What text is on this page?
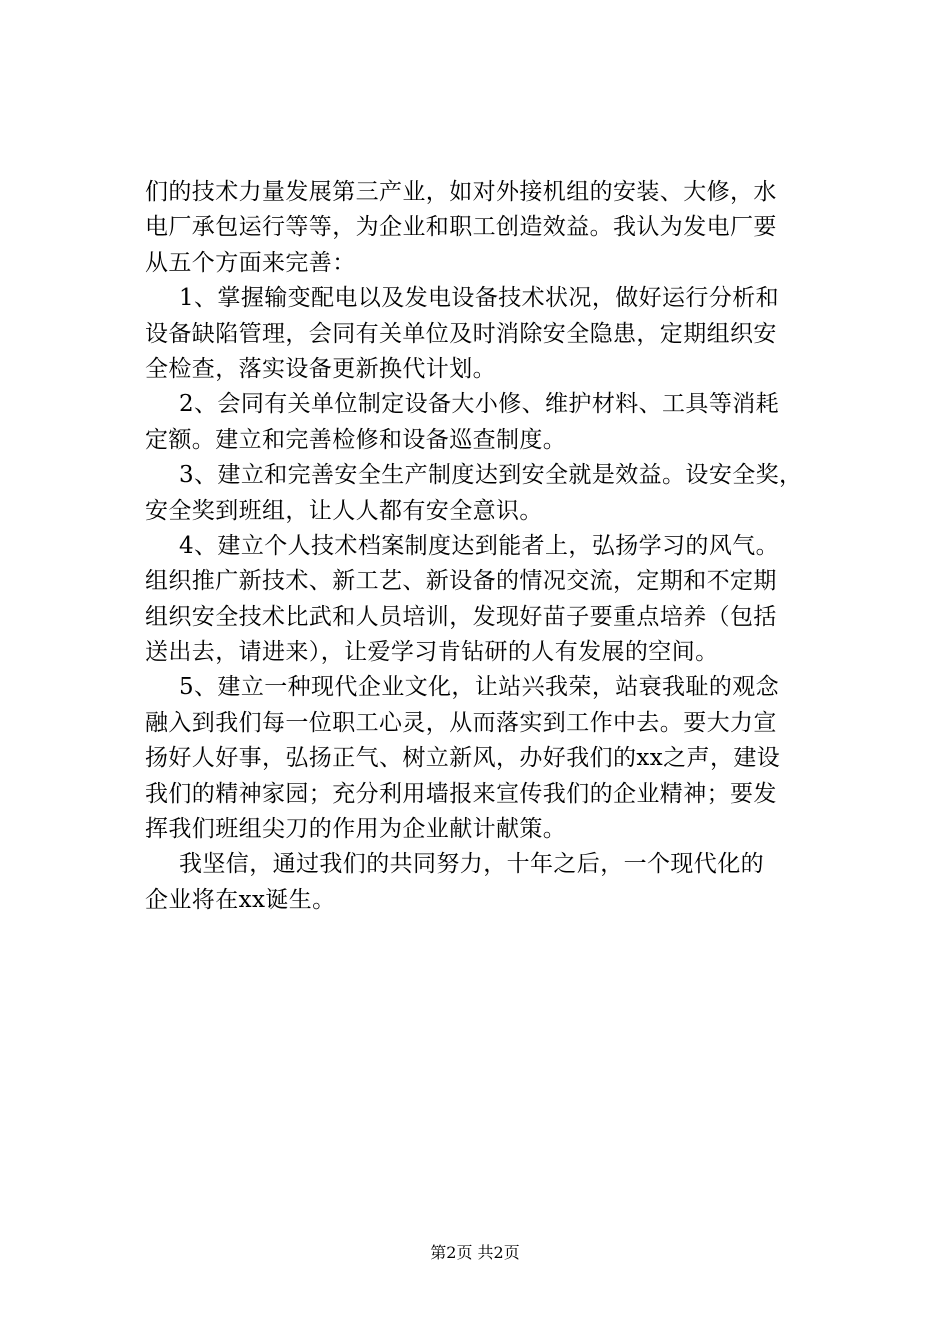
们的技术力量发展第三产业，如对外接机组的安装、大修，水
电厂承包运行等等，为企业和职工创造效益。我认为发电厂要
从五个方面来完善：
1、掌握输变配电以及发电设备技术状况，做好运行分析和
设备缺陷管理，会同有关单位及时消除安全隐患，定期组织安
全检查，落实设备更新换代计划。
2、会同有关单位制定设备大小修、维护材料、工具等消耗
定额。建立和完善检修和设备巡查制度。
3、建立和完善安全生产制度达到安全就是效益。设安全奖，
安全奖到班组，让人人都有安全意识。
4、建立个人技术档案制度达到能者上，弘扬学习的风气。
组织推广新技术、新工艺、新设备的情况交流，定期和不定期
组织安全技术比武和人员培训，发现好苗子要重点培养（包括
送出去，请进来），让爱学习肯钻研的人有发展的空间。
5、建立一种现代企业文化，让站兴我荣，站衰我耻的观念
融入到我们每一位职工心灵，从而落实到工作中去。要大力宣
扬好人好事，弘扬正气、树立新风，办好我们的xx之声，建设
我们的精神家园；充分利用墙报来宣传我们的企业精神；要发
挥我们班组尖刀的作用为企业献计献策。
我坚信，通过我们的共同努力，十年之后，一个现代化的
企业将在xx诞生。
第2页 共2页
